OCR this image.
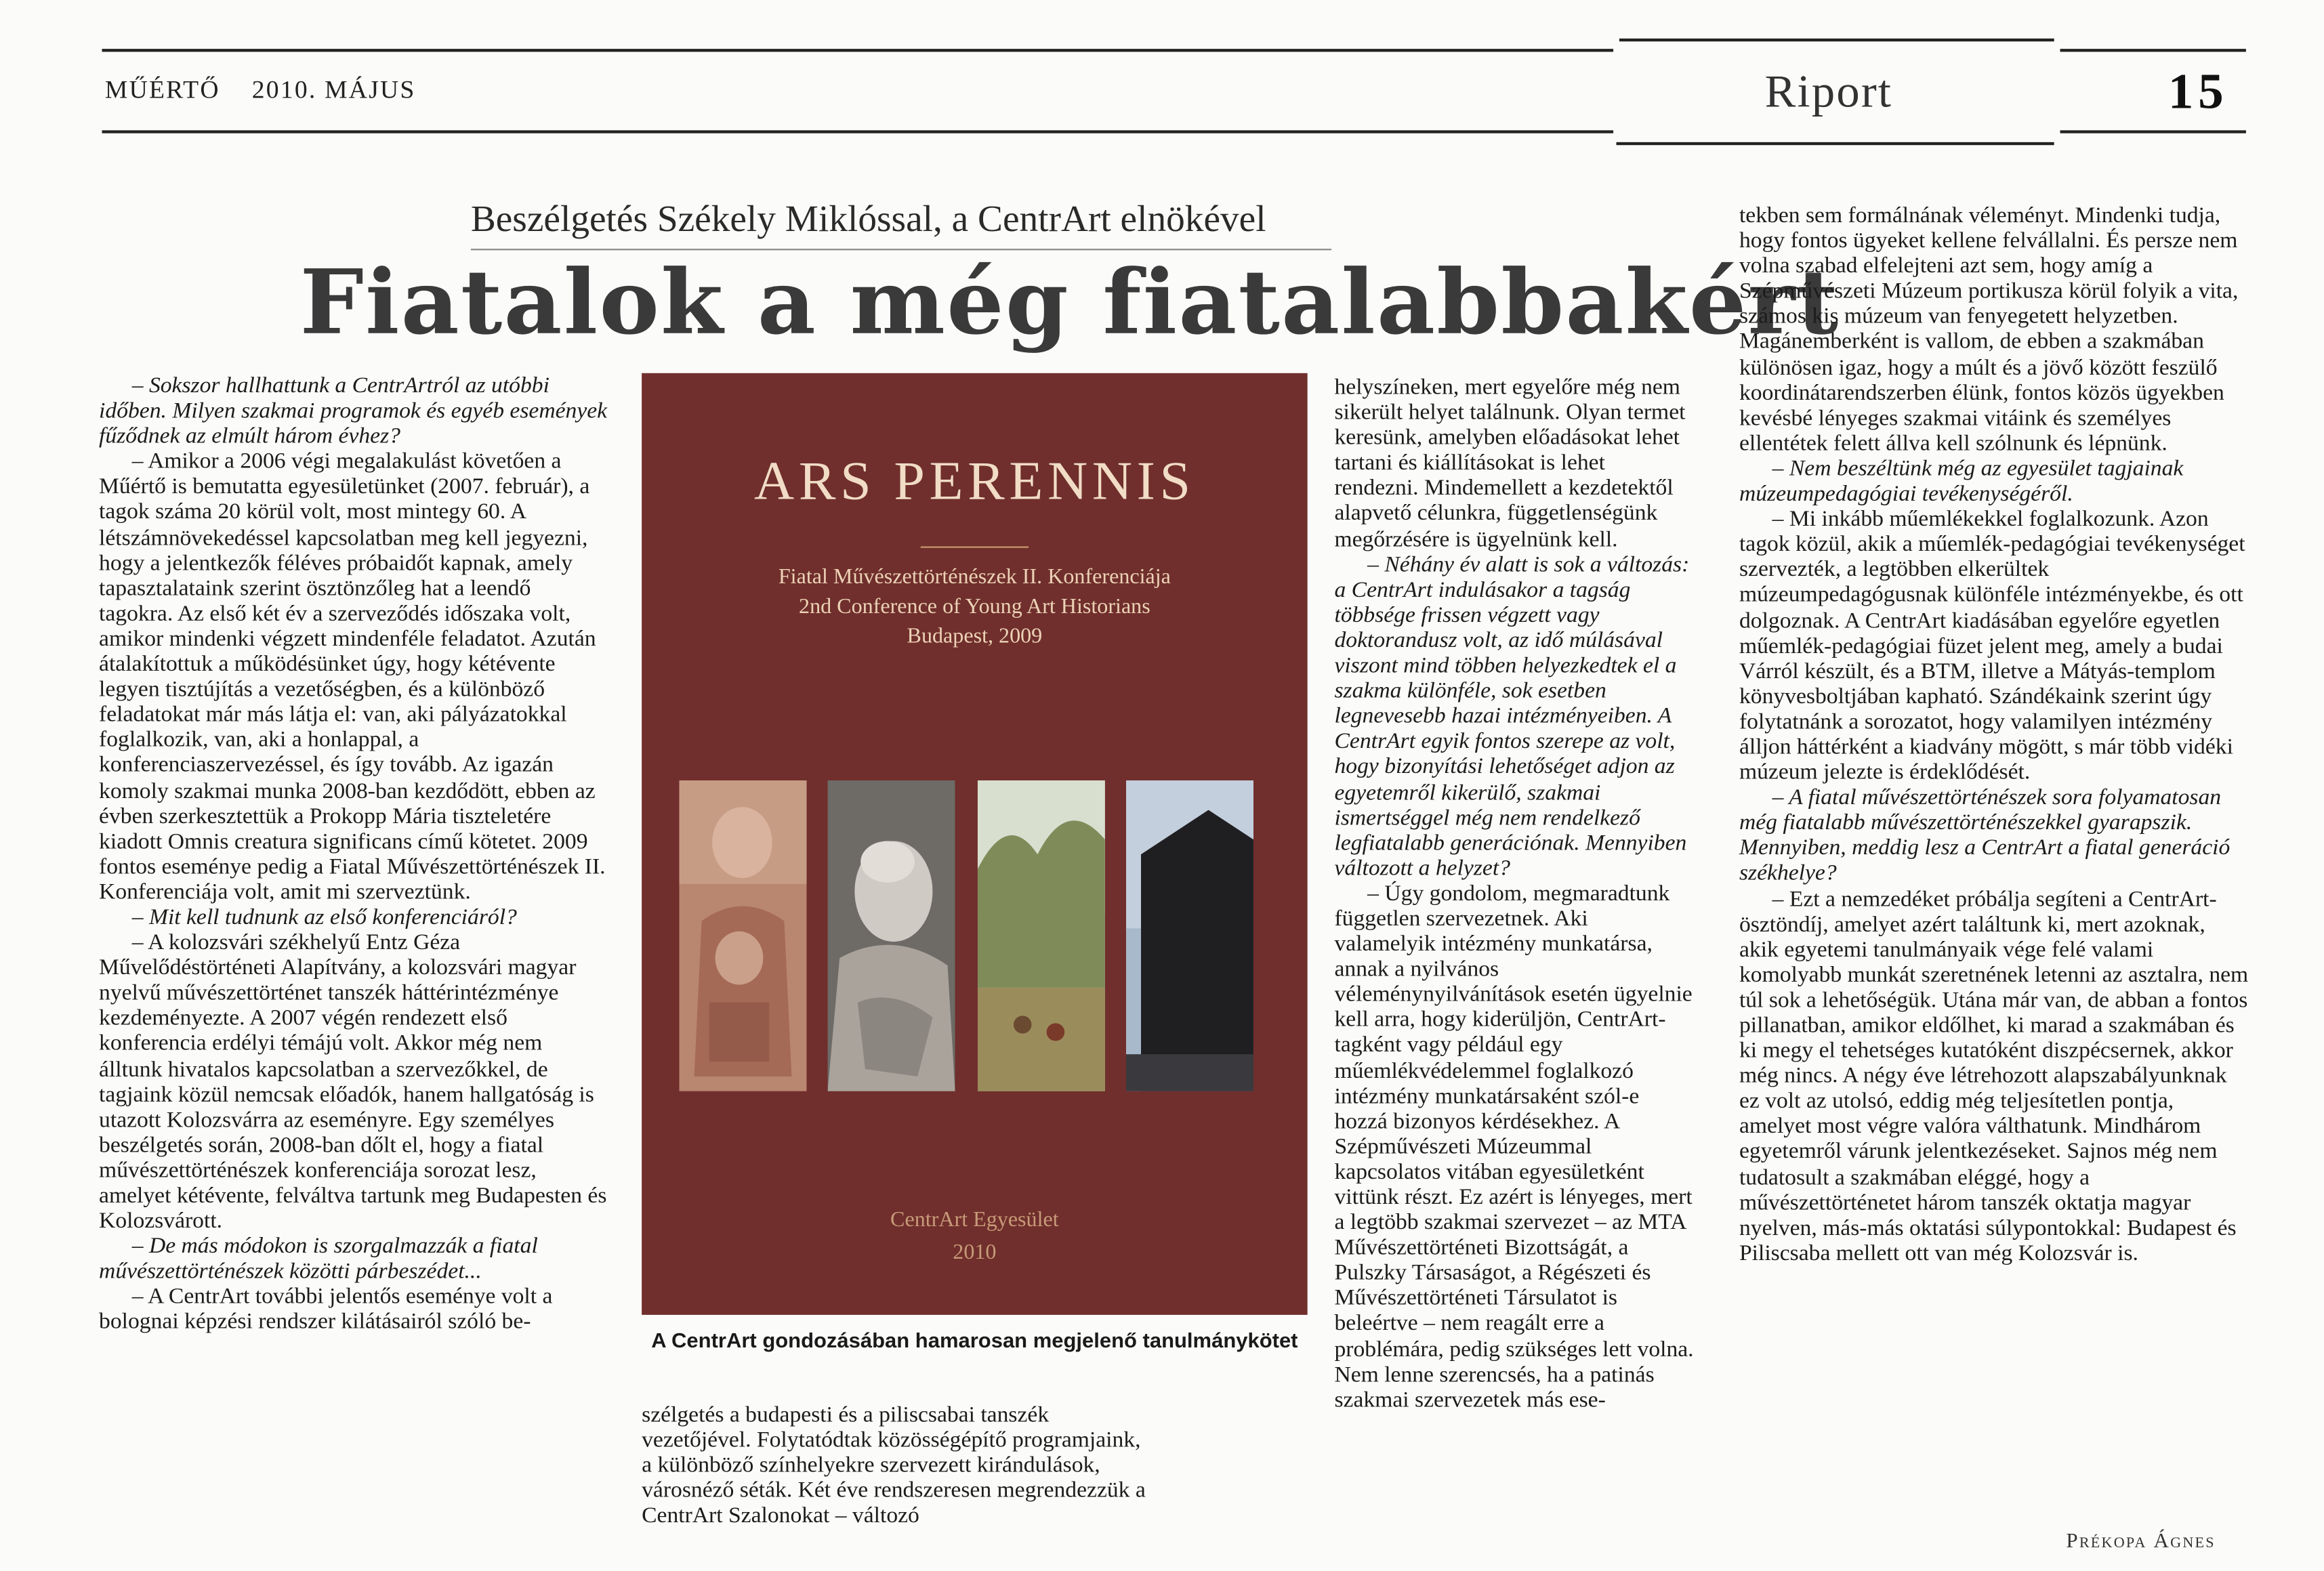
MŰÉRTŐ	2010. MÁJUS	Riport	15
Beszélgetés Székely Miklóssal, a CentrArt elnökével
Fiatalok a még fiatalabbakért

– Sokszor hallhattunk a CentrArtról az utóbbi időben. Milyen szakmai programok és egyéb események fűződnek az elmúlt három évhez?

– Amikor a 2006 végi megalakulást követően a Műértő is bemutatta egyesületünket (2007. február), a tagok száma 20 körül volt, most mintegy 60. A létszámnövekedéssel kapcsolatban meg kell jegyezni, hogy a jelentkezők féléves próbaidőt kapnak, amely tapasztalataink szerint ösztönzőleg hat a leendő tagokra. Az első két év a szerveződés időszaka volt, amikor mindenki végzett mindenféle feladatot. Azután átalakítottuk a működésünket úgy, hogy kétévente legyen tisztújítás a vezetőségben, és a különböző feladatokat már más látja el: van, aki pályázatokkal foglalkozik, van, aki a honlappal, a konferenciaszervezéssel, és így tovább. Az igazán komoly szakmai munka 2008-ban kezdődött, ebben az évben szerkesztettük a Prokopp Mária tiszteletére kiadott Omnis creatura significans című kötetet. 2009 fontos eseménye pedig a Fiatal Művészettörténészek II. Konferenciája volt, amit mi szerveztünk.

– Mit kell tudnunk az első konferenciáról?

– A kolozsvári székhelyű Entz Géza Művelődéstörténeti Alapítvány, a kolozsvári magyar nyelvű művészettörténet tanszék háttérintézménye kezdeményezte. A 2007 végén rendezett első konferencia erdélyi témájú volt. Akkor még nem álltunk hivatalos kapcsolatban a szervezőkkel, de tagjaink közül nemcsak előadók, hanem hallgatóság is utazott Kolozsvárra az eseményre. Egy személyes beszélgetés során, 2008-ban dőlt el, hogy a fiatal művészettörténészek konferenciája sorozat lesz, amelyet kétévente, felváltva tartunk meg Budapesten és Kolozsvárott.

– De más módokon is szorgalmazzák a fiatal művészettörténészek közötti párbeszédet...

– A CentrArt további jelentős eseménye volt a bolognai képzési rendszer kilátásairól szóló be-

ARS PERENNIS
Fiatal Művészettörténészek II. Konferenciája
2nd Conference of Young Art Historians
Budapest, 2009
CentrArt Egyesület
2010
A CentrArt gondozásában hamarosan megjelenő tanulmánykötet

szélgetés a budapesti és a piliscsabai tanszék vezetőjével. Folytatódtak közösségépítő programjaink, a különböző színhelyekre szervezett kirándulások, városnéző séták. Két éve rendszeresen megrendezzük a CentrArt Szalonokat – változó

helyszíneken, mert egyelőre még nem sikerült helyet találnunk. Olyan termet keresünk, amelyben előadásokat lehet tartani és kiállításokat is lehet rendezni. Mindemellett a kezdetektől alapvető célunkra, függetlenségünk megőrzésére is ügyelnünk kell.

– Néhány év alatt is sok a változás: a CentrArt indulásakor a tagság többsége frissen végzett vagy doktorandusz volt, az idő múlásával viszont mind többen helyezkedtek el a szakma különféle, sok esetben legnevesebb hazai intézményeiben. A CentrArt egyik fontos szerepe az volt, hogy bizonyítási lehetőséget adjon az egyetemről kikerülő, szakmai ismertséggel még nem rendelkező legfiatalabb generációnak. Mennyiben változott a helyzet?

– Úgy gondolom, megmaradtunk független szervezetnek. Aki valamelyik intézmény munkatársa, annak a nyilvános véleménynyilvánítások esetén ügyelnie kell arra, hogy kiderüljön, CentrArt-tagként vagy például egy műemlékvédelemmel foglalkozó intézmény munkatársaként szól-e hozzá bizonyos kérdésekhez. A Szépművészeti Múzeummal kapcsolatos vitában egyesületként vittünk részt. Ez azért is lényeges, mert a legtöbb szakmai szervezet – az MTA Művészettörténeti Bizottságát, a Pulszky Társaságot, a Régészeti és Művészettörténeti Társulatot is beleértve – nem reagált erre a problémára, pedig szükséges lett volna. Nem lenne szerencsés, ha a patinás szakmai szervezetek más ese-

tekben sem formálnának véleményt. Mindenki tudja, hogy fontos ügyeket kellene felvállalni. És persze nem volna szabad elfelejteni azt sem, hogy amíg a Szépművészeti Múzeum portikusza körül folyik a vita, számos kis múzeum van fenyegetett helyzetben. Magánemberként is vallom, de ebben a szakmában különösen igaz, hogy a múlt és a jövő között feszülő koordinátarendszerben élünk, fontos közös ügyekben kevésbé lényeges szakmai vitáink és személyes ellentétek felett állva kell szólnunk és lépnünk.

– Nem beszéltünk még az egyesület tagjainak múzeumpedagógiai tevékenységéről.

– Mi inkább műemlékekkel foglalkozunk. Azon tagok közül, akik a műemlék-pedagógiai tevékenységet szervezték, a legtöbben elkerültek múzeumpedagógusnak különféle intézményekbe, és ott dolgoznak. A CentrArt kiadásában egyelőre egyetlen műemlék-pedagógiai füzet jelent meg, amely a budai Várról készült, és a BTM, illetve a Mátyás-templom könyvesboltjában kapható. Szándékaink szerint úgy folytatnánk a sorozatot, hogy valamilyen intézmény álljon háttérként a kiadvány mögött, s már több vidéki múzeum jelezte is érdeklődését.

– A fiatal művészettörténészek sora folyamatosan még fiatalabb művészettörténészekkel gyarapszik. Mennyiben, meddig lesz a CentrArt a fiatal generáció székhelye?

– Ezt a nemzedéket próbálja segíteni a CentrArt-ösztöndíj, amelyet azért találtunk ki, mert azoknak, akik egyetemi tanulmányaik vége felé valami komolyabb munkát szeretnének letenni az asztalra, nem túl sok a lehetőségük. Utána már van, de abban a fontos pillanatban, amikor eldőlhet, ki marad a szakmában és ki megy el tehetséges kutatóként diszpécsernek, akkor még nincs. A négy éve létrehozott alapszabályunknak ez volt az utolsó, eddig még teljesítetlen pontja, amelyet most végre valóra válthatunk. Mindhárom egyetemről várunk jelentkezéseket. Sajnos még nem tudatosult a szakmában eléggé, hogy a művészettörténetet három tanszék oktatja magyar nyelven, más-más oktatási súlypontokkal: Budapest és Piliscsaba mellett ott van még Kolozsvár is.

Prékopa Ágnes
